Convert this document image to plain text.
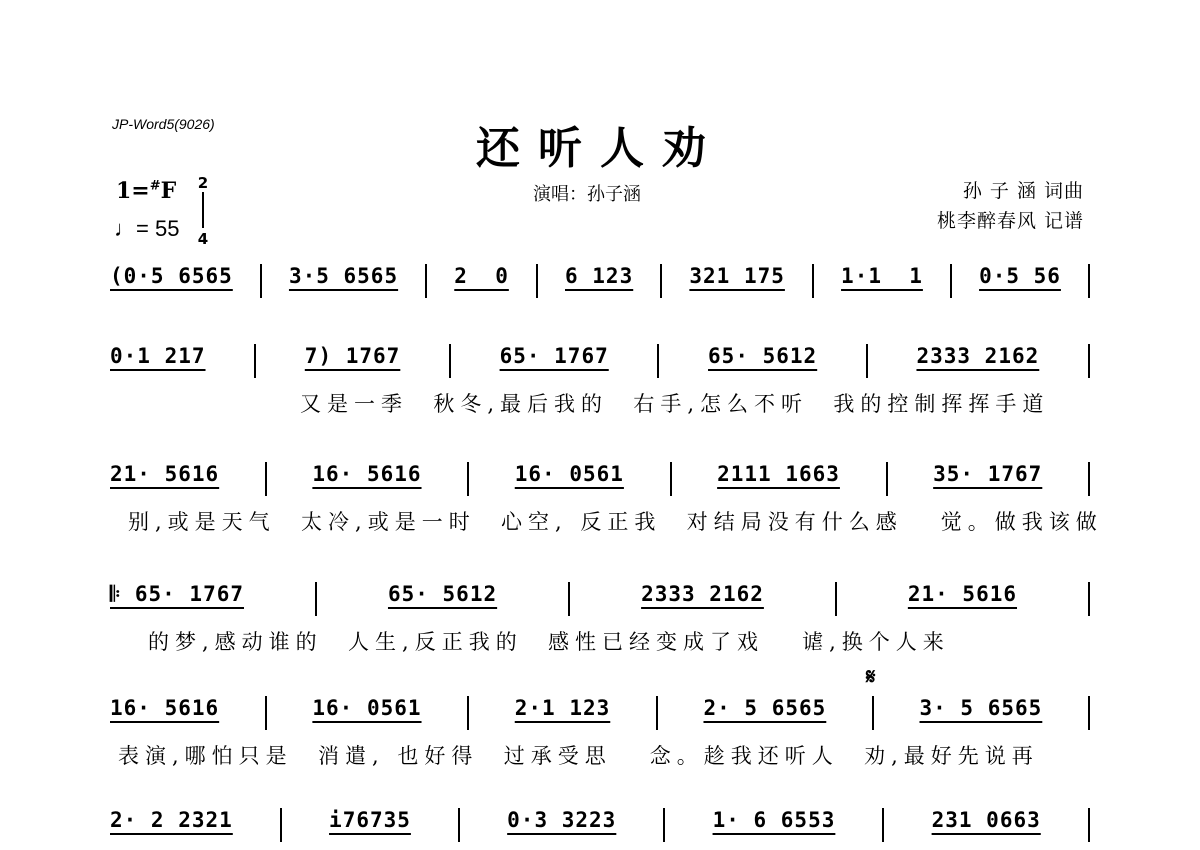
JP-Word5(9026)	还听人劝
1=#F 2
4
♩= 55
演唱：孙子涵	孙 子 涵 词曲
桃李醉春风 记谱
(0·5 6565	3·5 6565	2  0	6 123	321 175	1·1  1	0·5 56
0·1 217	7) 1767	65· 1767	65· 5612	2333 2162
又是一季  秋冬,最后我的  右手,怎么不听  我的控制挥挥手道
21· 5616	16· 5616	16· 0561	2111 1663	35· 1767
别,或是天气  太冷,或是一时  心空, 反正我  对结局没有什么感   觉。做我该做
𝄆 65· 1767	65· 5612	2333 2162	21· 5616
的梦,感动谁的  人生,反正我的  感性已经变成了戏   谑,换个人来
𝄋
16· 5616	16· 0561	2·1 123	2· 5 6565	3· 5 6565
表演,哪怕只是  消遣, 也好得  过承受思   念。趁我还听人  劝,最好先说再
2· 2 2321	i76735	0·3 3223	1· 6 6553	231 0663
